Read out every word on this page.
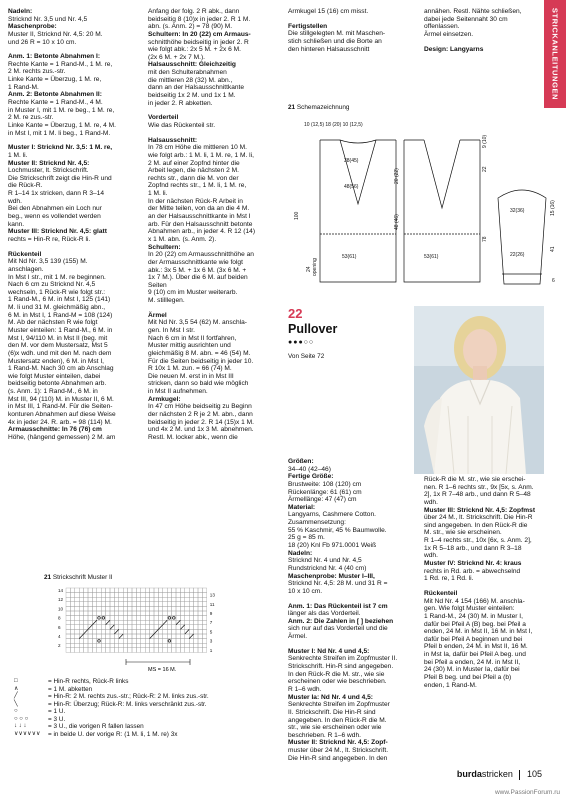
STRICKANLEITUNGEN

Nadeln:

Stricknd Nr. 3,5 und Nr. 4,5

Maschenprobe:

Muster II, Stricknd Nr. 4,5: 20 M.

und 26 R = 10 x 10 cm.

Anm. 1: Betonte Abnahmen I:

Rechte Kante = 1 Rand-M., 1 M. re,

2 M. rechts zus.-str.

Linke Kante = Überzug, 1 M. re,

1 Rand-M.

Anm. 2: Betonte Abnahmen II:

Rechte Kante = 1 Rand-M., 4 M.

in Muster I, mit 1 M. re beg., 1 M. re,

2 M. re zus.-str.

Linke Kante = Überzug, 1 M. re, 4 M.

in Mst I, mit 1 M. li beg., 1 Rand-M.

Muster I: Stricknd Nr. 3,5: 1 M. re,

1 M. li.

Muster II: Stricknd Nr. 4,5:

Lochmuster, lt. Strickschrift.

Die Strickschrift zeigt die Hin-R und

die Rück-R.

R 1–14 1x stricken, dann R 3–14

wdh.

Bei den Abnahmen ein Loch nur

beg., wenn es vollendet werden

kann.

Muster III: Stricknd Nr. 4,5: glatt

rechts = Hin-R re, Rück-R li.

Rückenteil

Mit Nd Nr. 3,5 139 (155) M.

anschlagen.

In Mst I str., mit 1 M. re beginnen.

Nach 6 cm zu Stricknd Nr. 4,5

wechseln, 1 Rück-R wie folgt str.:

1 Rand-M., 6 M. in Mst I, 125 (141)

M. li und 31 M. gleichmäßig abn.,

6 M. in Mst I, 1 Rand-M = 108 (124)

M. Ab der nächsten R wie folgt

Muster einteilen: 1 Rand-M., 6 M. in

Mst I, 94/110 M. in Mst II (beg. mit

den M. vor dem Mustersatz, Mst 5

(6)x wdh. und mit den M. nach dem

Mustersatz enden), 6 M. in Mst I,

1 Rand-M. Nach 30 cm ab Anschlag

wie folgt Muster einteilen, dabei

beidseitig betonte Abnahmen arb.

(s. Anm. 1): 1 Rand-M., 6 M. in

Mst III, 94 (110) M. in Muster II, 6 M.

in Mst III, 1 Rand-M. Für die Seiten-

konturen Abnahmen auf diese Weise

4x in jeder 24. R. arb. = 98 (114) M.

Armausschnitte: In 76 (76) cm

Höhe, (hängend gemessen) 2 M. am

Anfang der folg. 2 R abk., dann

beidseitig 8 (10)x in jeder 2. R 1 M.

abn. (s. Anm. 2) = 78 (90) M.

Schultern: In 20 (22) cm Armaus-

schnitthöhe beidseitig in jeder 2. R

wie folgt abk.: 2x 5 M. + 2x 6 M.

(2x 6 M. + 2x 7 M.).

Halsausschnitt: Gleichzeitig

mit den Schulterabnahmen

die mittleren 28 (32) M. abn.,

dann an der Halsausschnittkante

beidseitig 1x 2 M. und 1x 1 M.

in jeder 2. R abketten.

Vorderteil

Wie das Rückenteil str.

Halsausschnitt:

In 78 cm Höhe die mittleren 10 M.

wie folgt arb.: 1 M. li, 1 M. re, 1 M. li,

2 M. auf einer Zopfnd hinter die

Arbeit legen, die nächsten 2 M.

rechts str., dann die M. von der

Zopfnd rechts str., 1 M. li, 1 M. re,

1 M. li.

In der nächsten Rück-R Arbeit in

der Mitte teilen, von da an die 4 M.

an der Halsausschnittkante in Mst I

arb. Für den Halsausschnitt betonte

Abnahmen arb., in jeder 4. R 12 (14)

x 1 M. abn. (s. Anm. 2).

Schultern:

In 20 (22) cm Armausschnitthöhe an

der Armausschnittkante wie folgt

abk.: 3x 5 M. + 1x 6 M. (3x 6 M. +

1x 7 M.). Über die 6 M. auf beiden

Seiten

9 (10) cm im Muster weiterarb.

M. stilllegen.

Ärmel

Mit Nd Nr. 3,5 54 (62) M. anschla-

gen. In Mst I str.

Nach 6 cm in Mst II fortfahren,

Muster mittig ausrichten und

gleichmäßig 8 M. abn. = 46 (54) M.

Für die Seiten beidseitig in jeder 10.

R 10x 1 M. zun. = 66 (74) M.

Die neuen M. erst in in Mst III

stricken, dann so bald wie möglich

in Mst II aufnehmen.

Armkugel:

In 47 cm Höhe beidseitig zu Beginn

der nächsten 2 R je 2 M. abn., dann

beidseitig in jeder 2. R 14 (15)x 1 M.

und 4x 2 M. und 1x 3 M. abnehmen.

Restl. M. locker abk., wenn die

Armkugel 15 (16) cm misst.

Fertigstellen

Die stillgelegten M. mit Maschen-

stich schließen und die Borte an

den hinteren Halsausschnitt

annähen. Restl. Nähte schließen,

dabei jede Seitennaht 30 cm

offenlassen.

Ärmel einsetzen.

Design: Langyarns

21 Schemazeichnung
10 (12,5) 18 (20) 10 (12,5)
38(45)
48(56)
53(61)	53(61)
100
24 opening
20 (22)
48 (46)
78
22
9 (10)
32(36)
22(26)
15 (16)
41
6
22
Pullover
●●●○○
Von Seite 72

Größen:

34–40 (42–46)

Fertige Größe:

Brustweite: 108 (120) cm

Rückenlänge: 61 (61) cm

Ärmellänge: 47 (47) cm

Material:

Langyarns, Cashmere Cotton.

Zusammensetzung:

55 % Kaschmir, 45 % Baumwolle.

25 g = 85 m.

18 (20) Knl Fb 971.0001 Weiß

Nadeln:

Stricknd Nr. 4 und Nr. 4,5

Rundstricknd Nr. 4 (40 cm)

Maschenprobe: Muster I–III,

Stricknd Nr. 4,5: 28 M. und 31 R =

10 x 10 cm.

Anm. 1: Das Rückenteil ist 7 cm

länger als das Vorderteil.

Anm. 2: Die Zahlen in [ ] beziehen

sich nur auf das Vorderteil und die

Ärmel.

Muster I: Nd Nr. 4 und 4,5:

Senkrechte Streifen im Zopfmuster II.

Strickschrift. Hin-R sind angegeben.

In den Rück-R die M. str., wie sie

erscheinen oder wie beschrieben.

R 1–6 wdh.

Muster Ia: Nd Nr. 4 und 4,5:

Senkrechte Streifen im Zopfmuster

II. Strickschrift. Die Hin-R sind

angegeben. In den Rück-R die M.

str., wie sie erscheinen oder wie

beschrieben. R 1–6 wdh.

Muster II: Stricknd Nr. 4,5: Zopf-

muster über 24 M., lt. Strickschrift.

Die Hin-R sind angegeben. In den

Rück-R die M. str., wie sie erschei-

nen. R 1–6 rechts str., 9x [5x, s. Anm.

2], 1x R 7–48 arb., und dann R 5–48

wdh.

Muster III: Stricknd Nr. 4,5: Zopfmst

über 24 M., lt. Strickschrift. Die Hin-R

sind angegeben. In den Rück-R die

M. str., wie sie erscheinen.

R 1–4 rechts str., 10x [6x, s. Anm. 2],

1x R 5–18 arb., und dann R 3–18

wdh.

Muster IV: Stricknd Nr. 4: kraus

rechts in Rd. arb. = abwechselnd

1 Rd. re, 1 Rd. li.

Rückenteil

Mit Nd Nr. 4 154 (166) M. anschla-

gen. Wie folgt Muster einteilen:

1 Rand-M., 24 (30) M. in Muster I,

dafür bei Pfeil A (B) beg. bei Pfeil a

enden, 24 M. in Mst II, 16 M. in Mst I,

dafür bei Pfeil A beginnen und bei

Pfeil b enden, 24 M. in Mst II, 16 M.

in Mst Ia, dafür bei Pfeil A beg. und

bei Pfeil a enden, 24 M. in Mst II,

24 (30) M. in Muster Ia, dafür bei

Pfeil B beg. und bei Pfeil a (b)

enden, 1 Rand-M.

21 Strickschrift Muster II
14
12
10
8
6
4
2
13
11
9
7
5
3
1
MS = 16 M.
□	= Hin-R rechts, Rück-R links
∧	= 1 M. abketten
╱	= Hin-R: 2 M. rechts zus.-str.; Rück-R: 2 M. links zus.-str.
╲	= Hin-R: Überzug; Rück-R: M. links verschränkt zus.-str.
○	= 1 U.
○ ○ ○	= 3 U.
↓ ↓ ↓	= 3 U., die vorigen R fallen lassen
∨∨∨∨∨∨	= in beide U. der vorige R: (1 M. li, 1 M. re) 3x
burdastricken 105
www.PassionForum.ru
